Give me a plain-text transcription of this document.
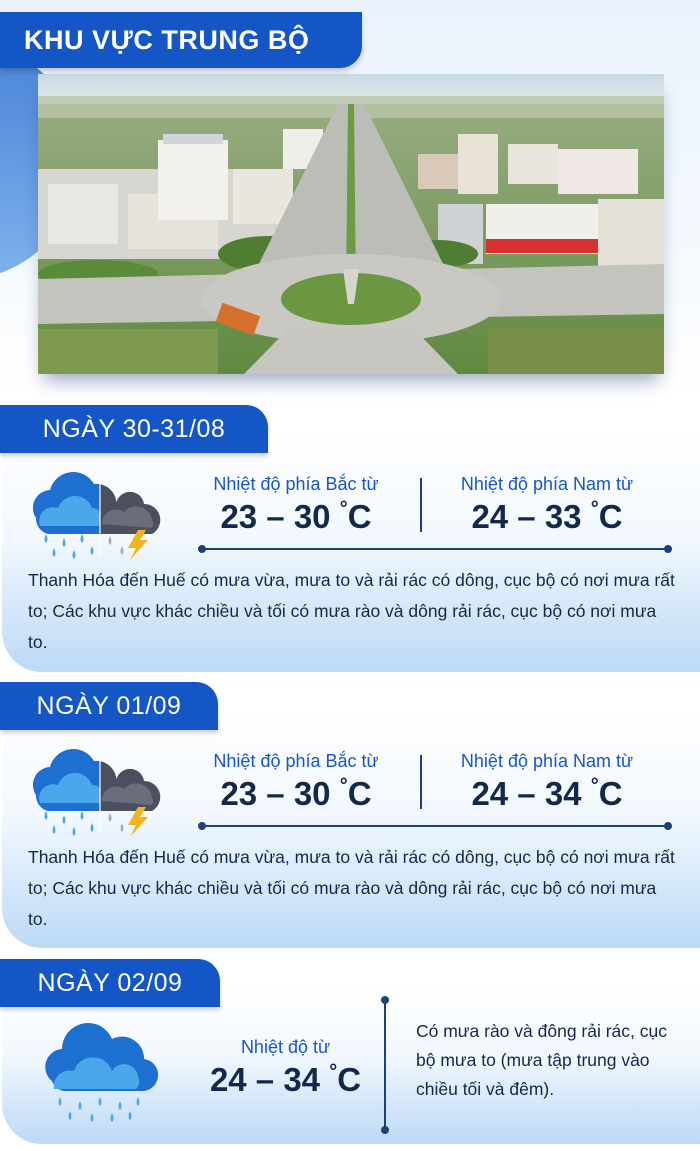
KHU VỰC TRUNG BỘ
NGÀY 30-31/08
Nhiệt độ phía Bắc từ
23 – 30 °C
Nhiệt độ phía Nam từ
24 – 33 °C
Thanh Hóa đến Huế có mưa vừa, mưa to và rải rác có dông, cục bộ có nơi mưa rất to; Các khu vực khác chiều và tối có mưa rào và dông rải rác, cục bộ có nơi mưa to.
NGÀY 01/09
Nhiệt độ phía Bắc từ
23 – 30 °C
Nhiệt độ phía Nam từ
24 – 34 °C
Thanh Hóa đến Huế có mưa vừa, mưa to và rải rác có dông, cục bộ có nơi mưa rất to; Các khu vực khác chiều và tối có mưa rào và dông rải rác, cục bộ có nơi mưa to.
NGÀY 02/09
Nhiệt độ từ
24 – 34 °C
Có mưa rào và đông rải rác, cục bộ mưa to (mưa tập trung vào chiều tối và đêm).
